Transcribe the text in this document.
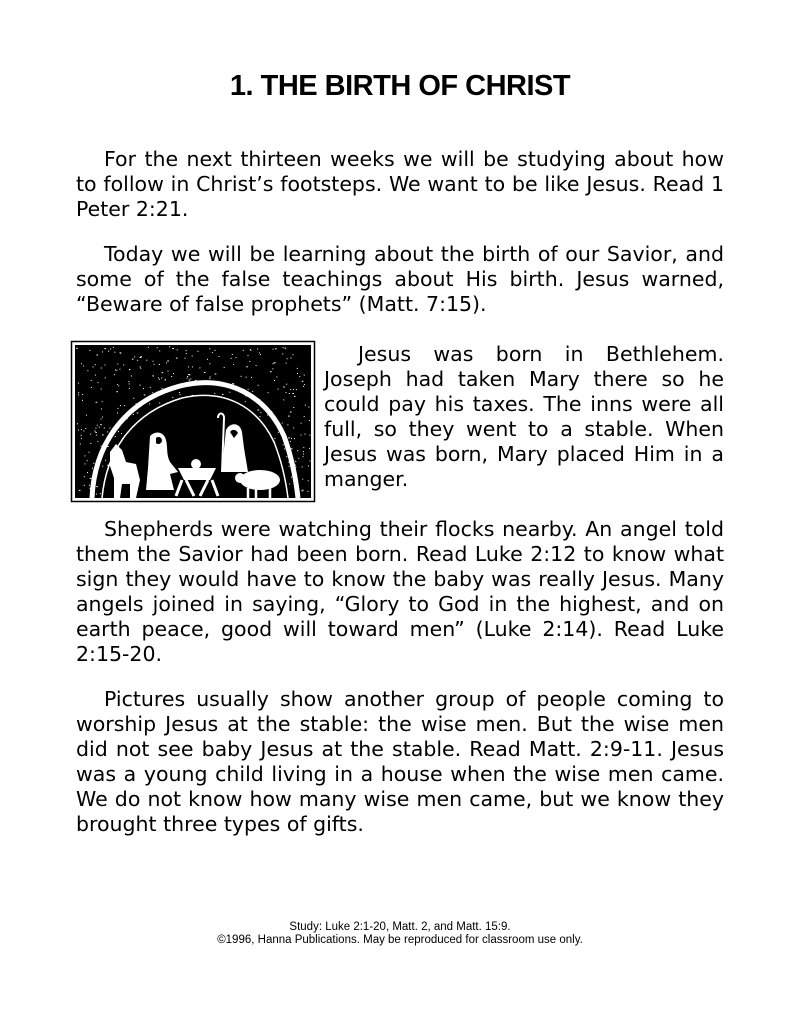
1. THE BIRTH OF CHRIST

For the next thirteen weeks we will be studying about how to follow in Christ’s footsteps. We want to be like Jesus. Read 1 Peter 2:21.

Today we will be learning about the birth of our Savior, and some of the false teachings about His birth. Jesus warned, “Beware of false prophets” (Matt. 7:15).

Jesus was born in Bethlehem. Joseph had taken Mary there so he could pay his taxes. The inns were all full, so they went to a stable. When Jesus was born, Mary placed Him in a manger.

Shepherds were watching their flocks nearby. An angel told them the Savior had been born. Read Luke 2:12 to know what sign they would have to know the baby was really Jesus. Many angels joined in saying, “Glory to God in the highest, and on earth peace, good will toward men” (Luke 2:14). Read Luke 2:15-20.

Pictures usually show another group of people coming to worship Jesus at the stable: the wise men. But the wise men did not see baby Jesus at the stable. Read Matt. 2:9-11. Jesus was a young child living in a house when the wise men came. We do not know how many wise men came, but we know they brought three types of gifts.

Study: Luke 2:1-20, Matt. 2, and Matt. 15:9.

©1996, Hanna Publications. May be reproduced for classroom use only.
